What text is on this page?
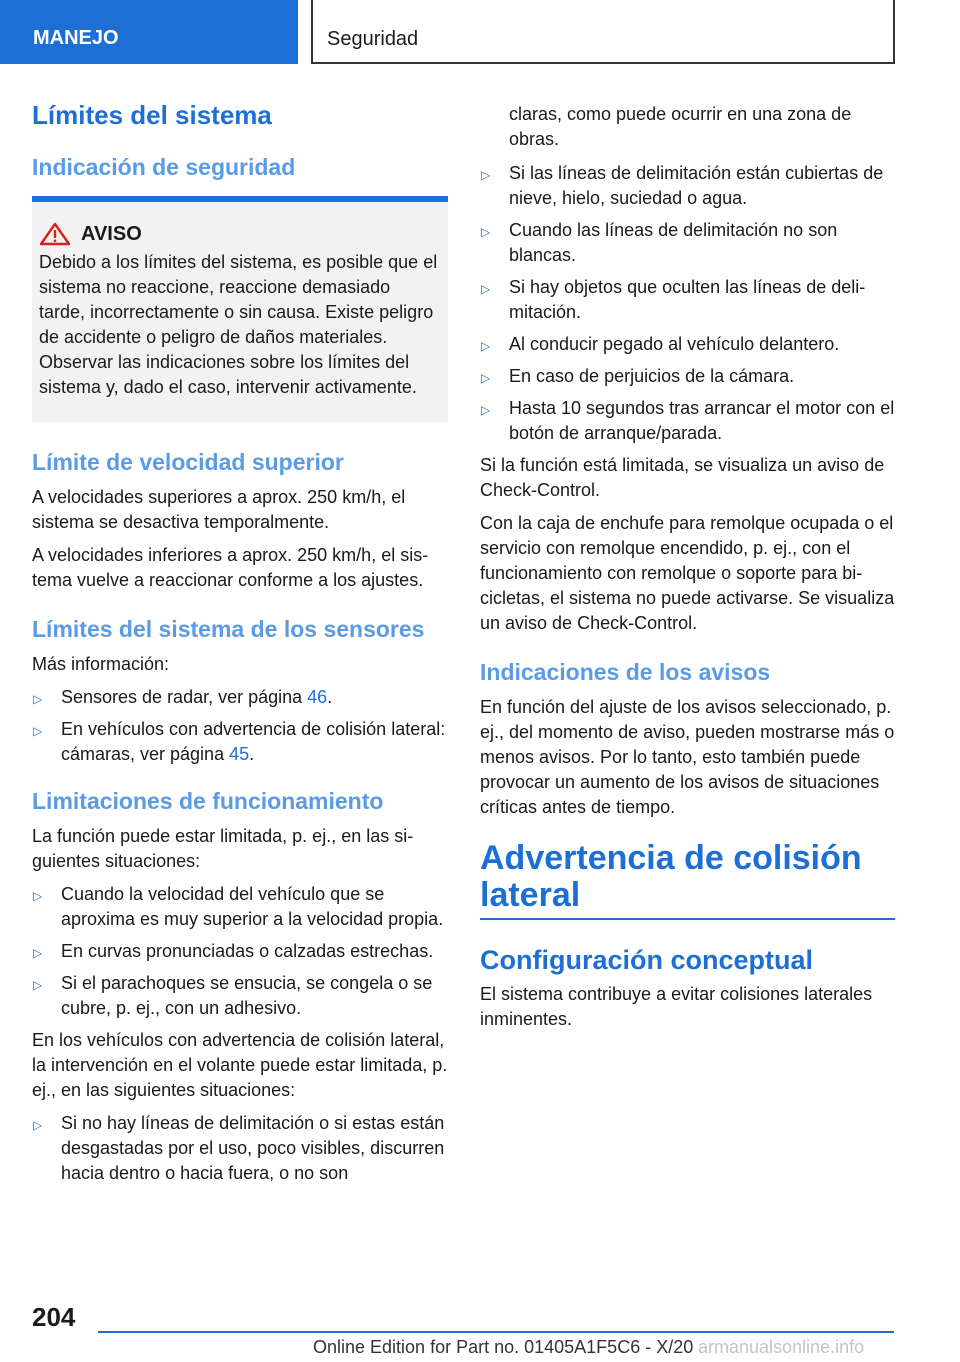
MANEJO	Seguridad
Límites del sistema
Indicación de seguridad
AVISO

Debido a los límites del sistema, es posible que el sistema no reaccione, reaccione demasiado tarde, incorrectamente o sin causa. Existe peligro de accidente o peligro de daños materiales. Observar las indicaciones sobre los límites del sistema y, dado el caso, intervenir activamente.

Límite de velocidad superior

A velocidades superiores a aprox. 250 km/h, el sistema se desactiva temporalmente.

A velocidades inferiores a aprox. 250 km/h, el sistema vuelve a reaccionar conforme a los ajustes.

Límites del sistema de los sensores

Más información:

▷ Sensores de radar, ver página 46.
▷ En vehículos con advertencia de colisión lateral: cámaras, ver página 45.
Limitaciones de funcionamiento

La función puede estar limitada, p. ej., en las siguientes situaciones:

▷ Cuando la velocidad del vehículo que se aproxima es muy superior a la velocidad propia.
▷ En curvas pronunciadas o calzadas estrechas.
▷ Si el parachoques se ensucia, se congela o se cubre, p. ej., con un adhesivo.

En los vehículos con advertencia de colisión lateral, la intervención en el volante puede estar limitada, p. ej., en las siguientes situaciones:

▷ Si no hay líneas de delimitación o si estas están desgastadas por el uso, poco visibles, discurren hacia dentro o hacia fuera, o no son

claras, como puede ocurrir en una zona de obras.

▷ Si las líneas de delimitación están cubiertas de nieve, hielo, suciedad o agua.
▷ Cuando las líneas de delimitación no son blancas.
▷ Si hay objetos que oculten las líneas de delimitación.
▷ Al conducir pegado al vehículo delantero.
▷ En caso de perjuicios de la cámara.
▷ Hasta 10 segundos tras arrancar el motor con el botón de arranque/parada.

Si la función está limitada, se visualiza un aviso de Check-Control.

Con la caja de enchufe para remolque ocupada o el servicio con remolque encendido, p. ej., con el funcionamiento con remolque o soporte para bicicletas, el sistema no puede activarse. Se visualiza un aviso de Check-Control.

Indicaciones de los avisos

En función del ajuste de los avisos seleccionado, p. ej., del momento de aviso, pueden mostrarse más o menos avisos. Por lo tanto, esto también puede provocar un aumento de los avisos de situaciones críticas antes de tiempo.

Advertencia de colisión lateral
Configuración conceptual

El sistema contribuye a evitar colisiones laterales inminentes.

204
Online Edition for Part no. 01405A1F5C6 - X/20 armanualsonline.info
